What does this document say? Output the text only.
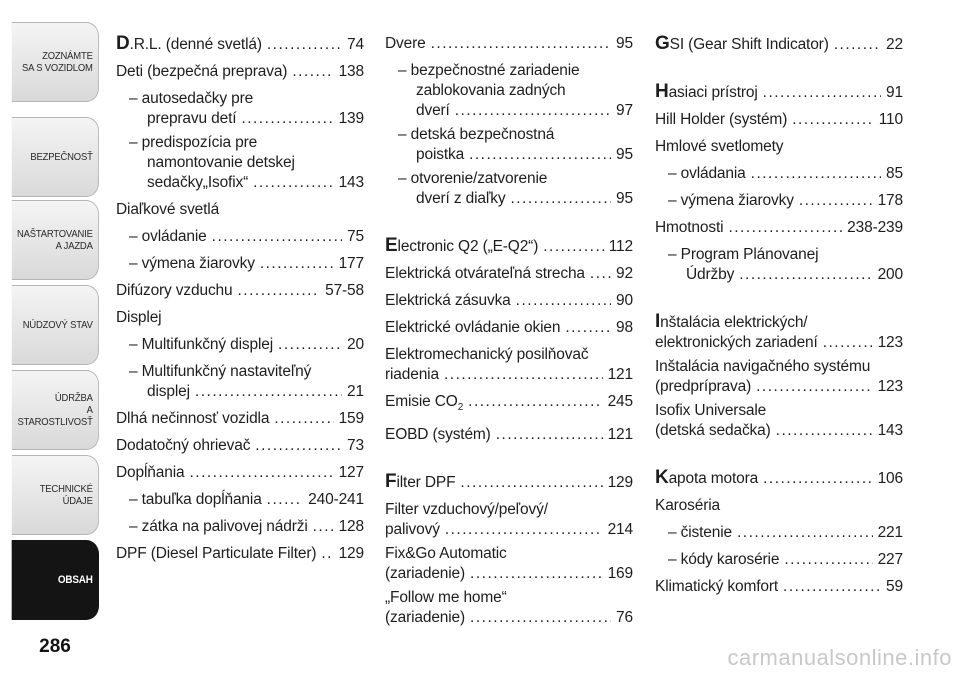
ZOZNÁMTE
SA S VOZIDLOM
BEZPEČNOSŤ
NAŠTARTOVANIE
A JAZDA
NÚDZOVÝ STAV
ÚDRŽBA
A STAROSTLIVOSŤ
TECHNICKÉ
ÚDAJE
OBSAH
286
D.R.L. (denné svetlá) .....	74
Deti (bezpečná preprava) .....	138
– autosedačky pre
prepravu detí .....	139
– predispozícia pre
namontovanie detskej
sedačky„Isofix“ .....	143
Diaľkové svetlá
– ovládanie .....	75
– výmena žiarovky .....	177
Difúzory vzduchu .....	57-58
Displej
– Multifunkčný displej .....	20
– Multifunkčný nastaviteľný
displej .....	21
Dlhá nečinnosť vozidla .....	159
Dodatočný ohrievač .....	73
Dopĺňania .....	127
– tabuľka dopĺňania .....	240-241
– zátka na palivovej nádrži ..... 128
DPF (Diesel Particulate Filter) ..... 129
Dvere .....	95
– bezpečnostné zariadenie
zablokovania zadných
dverí .....	97
– detská bezpečnostná
poistka .....	95
– otvorenie/zatvorenie
dverí z diaľky .....	95
Electronic Q2 („E-Q2“) .....	112
Elektrická otvárateľná strecha ..... 92
Elektrická zásuvka .....	90
Elektrické ovládanie okien .....	98
Elektromechanický posilňovač
riadenia .....	121
Emisie $CO_2$ .....	245
EOBD (systém) .....	121
Filter DPF .....	129
Filter vzduchový/peľový/
palivový .....	214
Fix&Go Automatic
(zariadenie) .....	169
„Follow me home“
(zariadenie) .....	76
GSI (Gear Shift Indicator) .....	22
Hasiaci prístroj .....	91
Hill Holder (systém) .....	110
Hmlové svetlomety
– ovládania .....	85
– výmena žiarovky .....	178
Hmotnosti .....	238-239
– Program Plánovanej
Údržby .....	200
Inštalácia elektrických/
elektronických zariadení .....	123
Inštalácia navigačného systému
(predprípravа) .....	123
Isofix Universale
(detská sedačka) .....	143
Kapota motora .....	106
Karoséria
– čistenie .....	221
– kódy karosérie .....	227
Klimatický komfort .....	59
carmanualsonline.info
